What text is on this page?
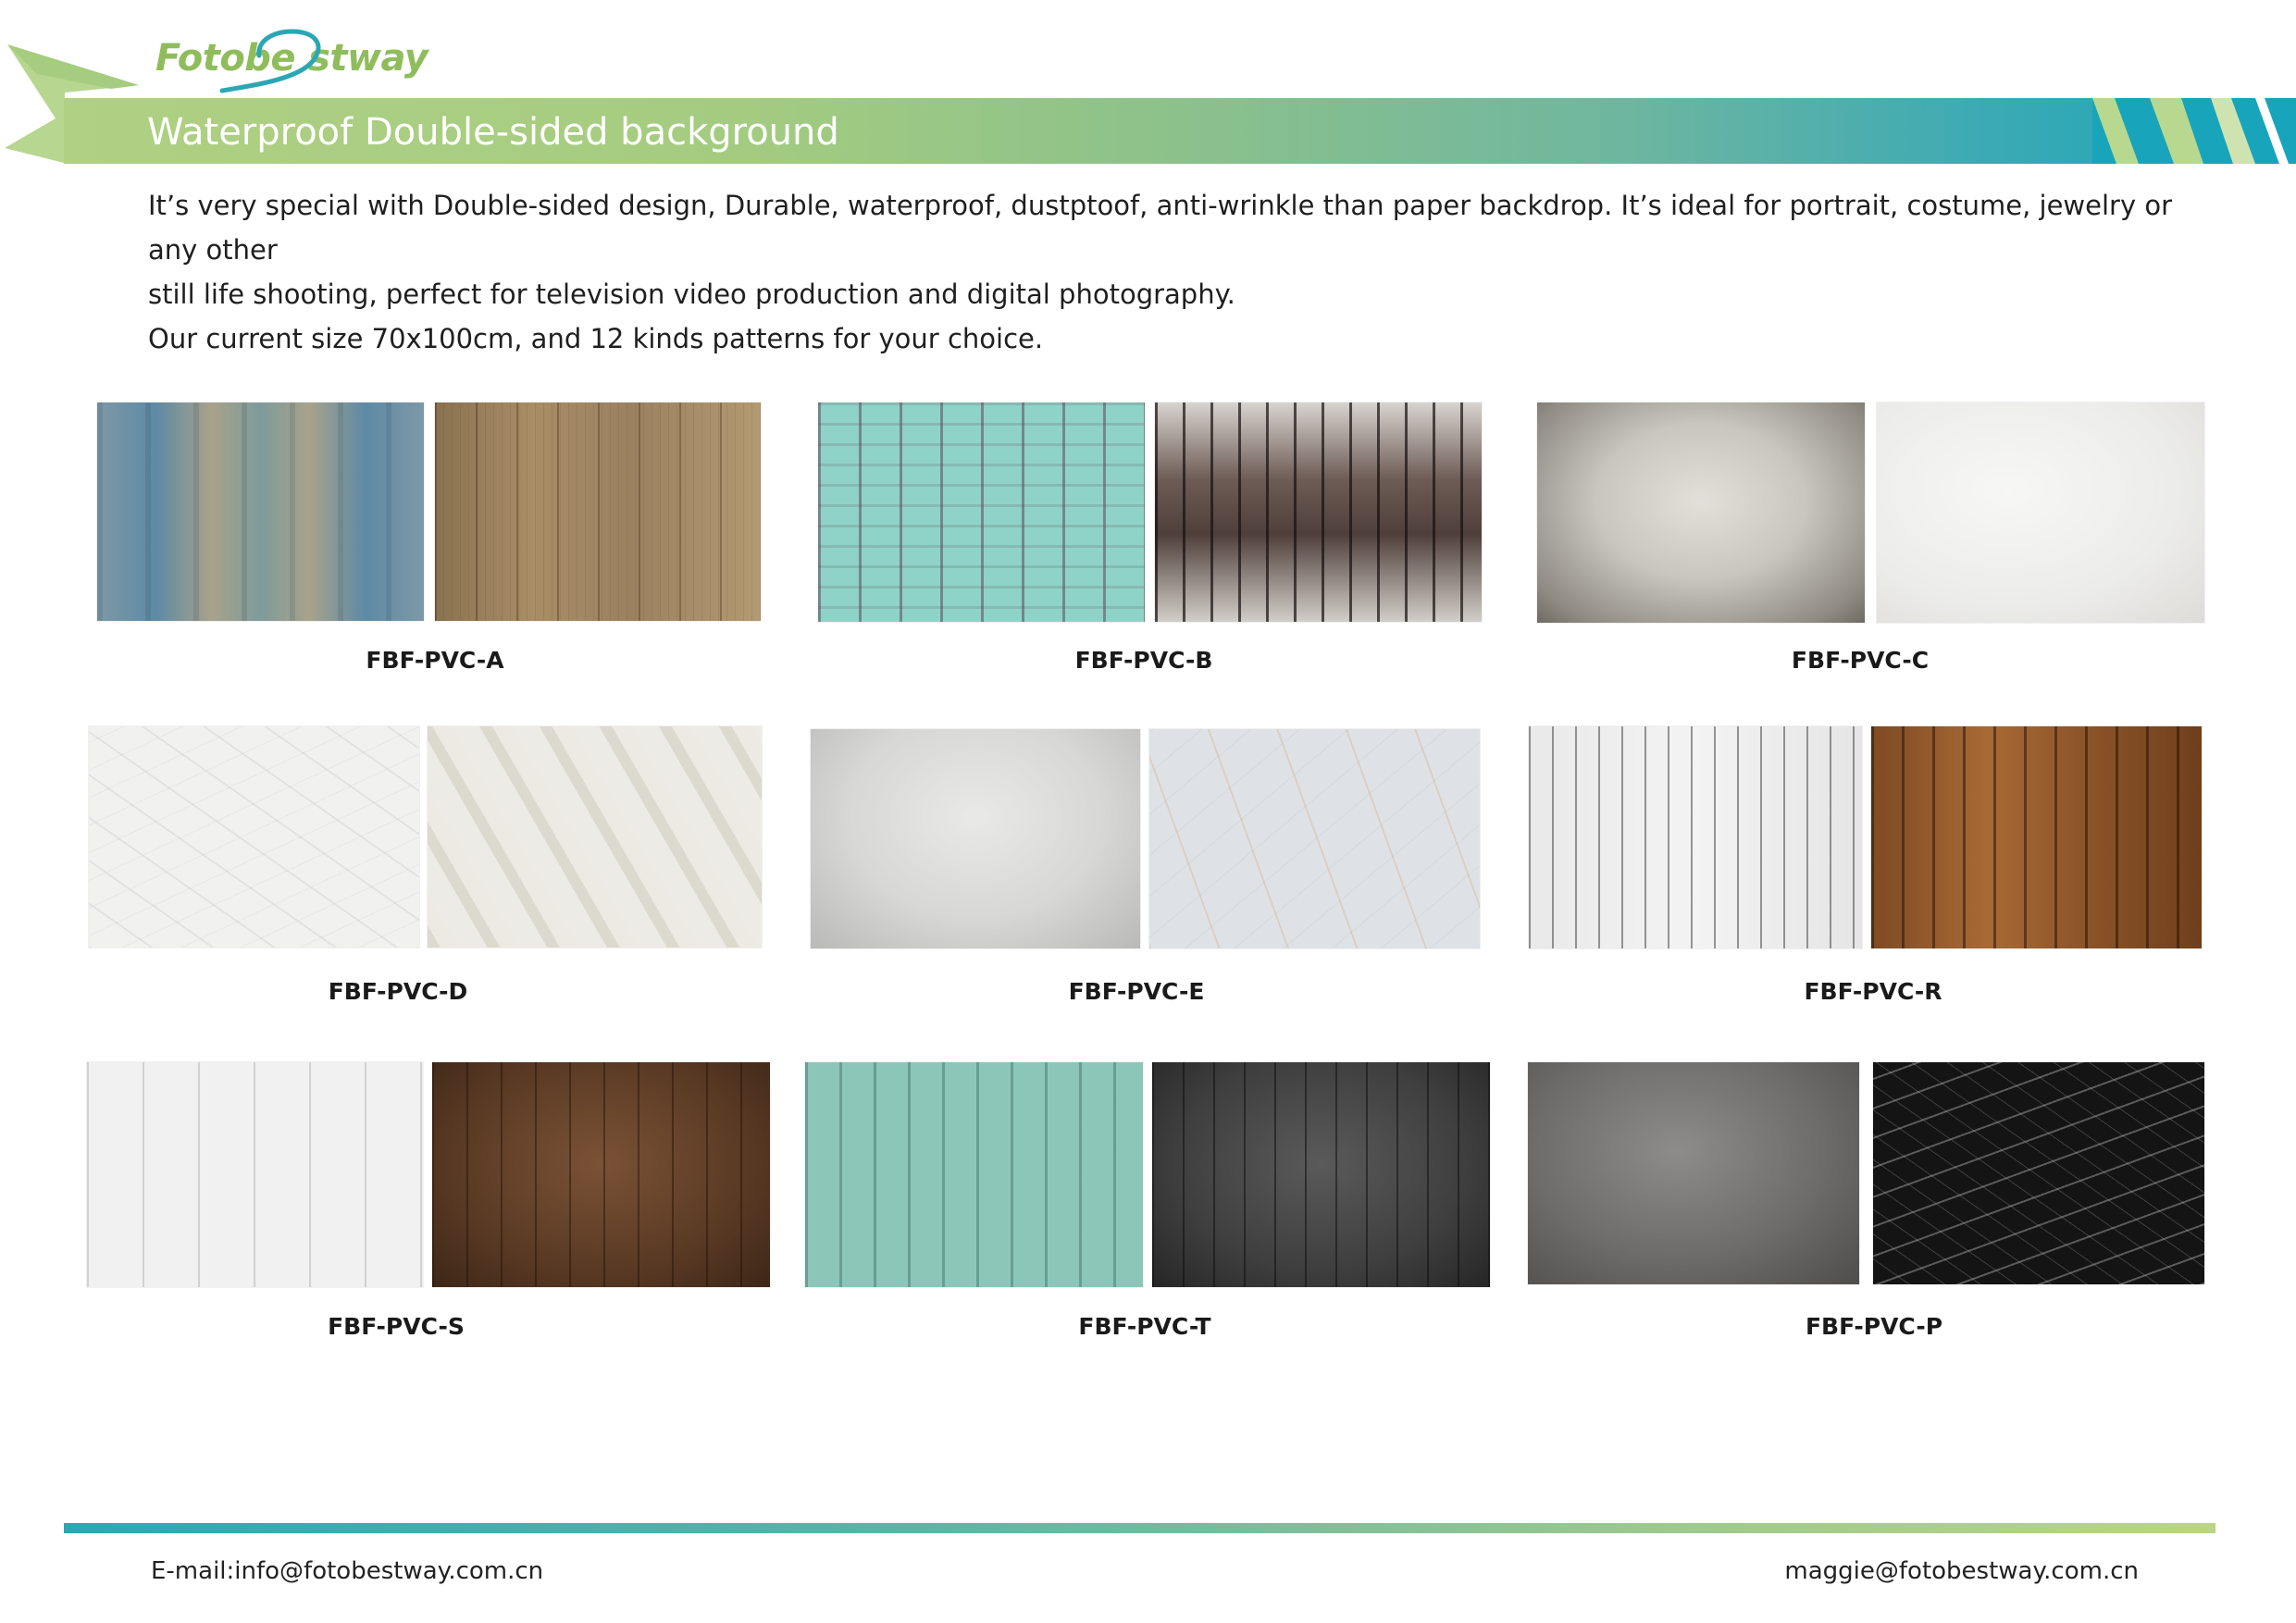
Fotobe stway
Waterproof Double-sided background

It’s very special with Double-sided design, Durable, waterproof, dustptoof, anti-wrinkle than paper backdrop. It’s ideal for portrait, costume, jewelry or any other

still life shooting, perfect for television video production and digital photography.

Our current size 70x100cm, and 12 kinds patterns for your choice.

FBF-PVC-A	FBF-PVC-B	FBF-PVC-C
FBF-PVC-D	FBF-PVC-E	FBF-PVC-R
FBF-PVC-S	FBF-PVC-T	FBF-PVC-P
E-mail:info@fotobestway.com.cn	maggie@fotobestway.com.cn
